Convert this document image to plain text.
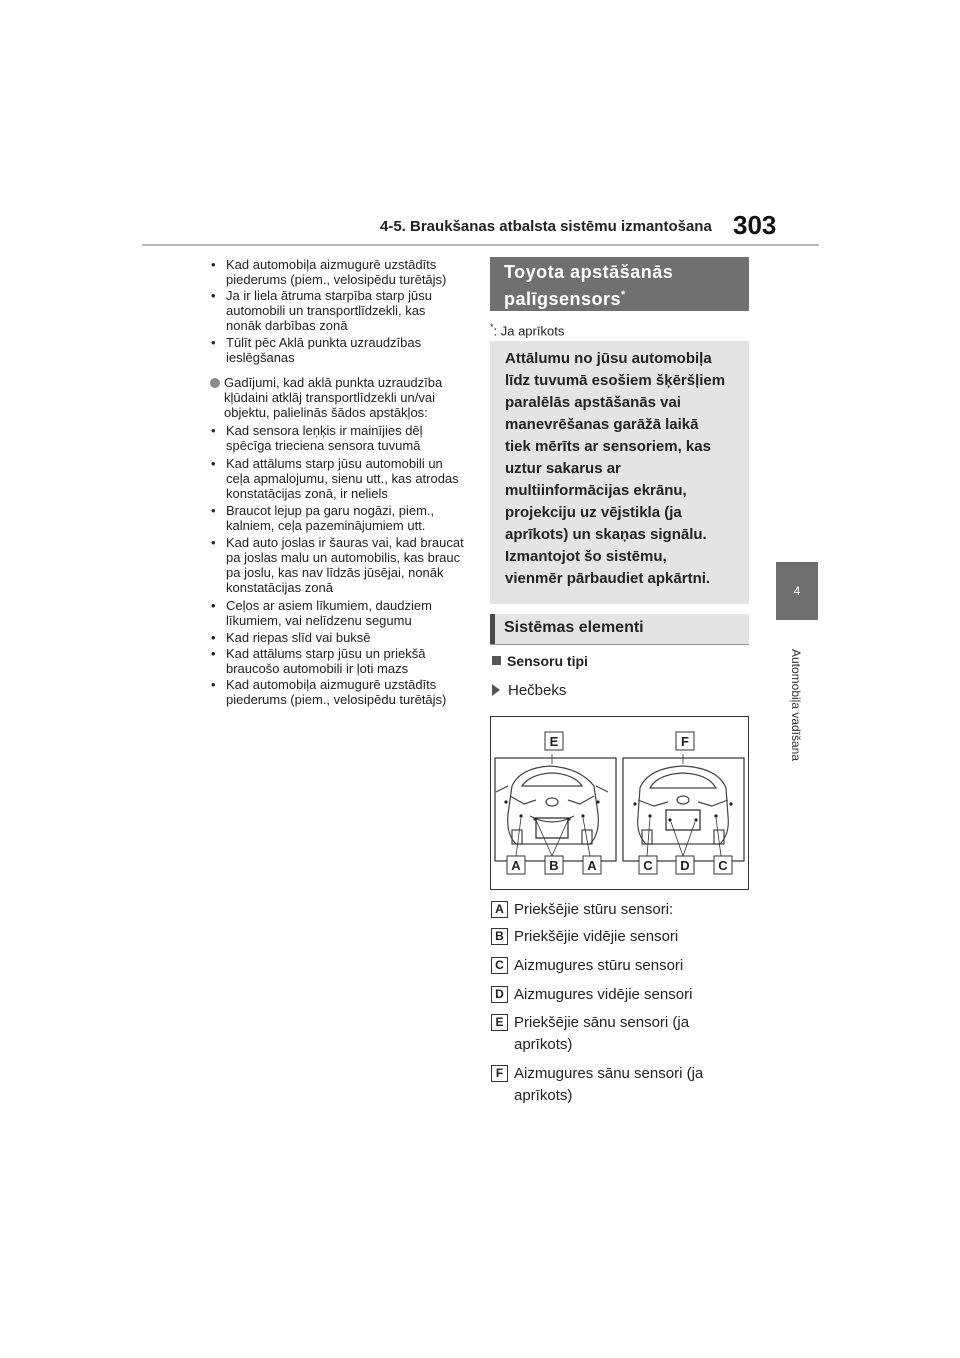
4-5. Braukšanas atbalsta sistēmu izmantošana 303
4
Automobiļa vadīšana
• Kad automobiļa aizmugurē uzstādīts piederums (piem., velosipēdu turētājs)
• Ja ir liela ātruma starpība starp jūsu automobili un transportlīdzekli, kas nonāk darbības zonā
• Tūlīt pēc Aklā punkta uzraudzības ieslēgšanas
Gadījumi, kad aklā punkta uzraudzība kļūdaini atklāj transportlīdzekli un/vai objektu, palielinās šādos apstākļos:
• Kad sensora leņķis ir mainījies dēļ spēcīga trieciena sensora tuvumā
• Kad attālums starp jūsu automobili un ceļa apmalojumu, sienu utt., kas atrodas konstatācijas zonā, ir neliels
• Braucot lejup pa garu nogāzi, piem., kalniem, ceļa pazeminājumiem utt.
• Kad auto joslas ir šauras vai, kad braucat pa joslas malu un automobilis, kas brauc pa joslu, kas nav līdzās jūsējai, nonāk konstatācijas zonā
• Ceļos ar asiem līkumiem, daudziem līkumiem, vai nelīdzenu segumu
• Kad riepas slīd vai buksē
• Kad attālums starp jūsu un priekšā braucošo automobili ir ļoti mazs
• Kad automobiļa aizmugurē uzstādīts piederums (piem., velosipēdu turētājs)
Toyota apstāšanās
palīgsensors*
*: Ja aprīkots
Attālumu no jūsu automobiļa
līdz tuvumā esošiem šķēršļiem
paralēlās apstāšanās vai
manevrēšanas garāžā laikā
tiek mērīts ar sensoriem, kas
uztur sakarus ar
multiinformācijas ekrānu,
projekciju uz vējstikla (ja
aprīkots) un skaņas signālu.
Izmantojot šo sistēmu,
vienmēr pārbaudiet apkārtni.
Sistēmas elementi
Sensoru tipi
Hečbeks
E	F
A B A	C D C
A Priekšējie stūru sensori:
B Priekšējie vidējie sensori
C Aizmugures stūru sensori
D Aizmugures vidējie sensori
E Priekšējie sānu sensori (ja aprīkots)
F Aizmugures sānu sensori (ja aprīkots)
